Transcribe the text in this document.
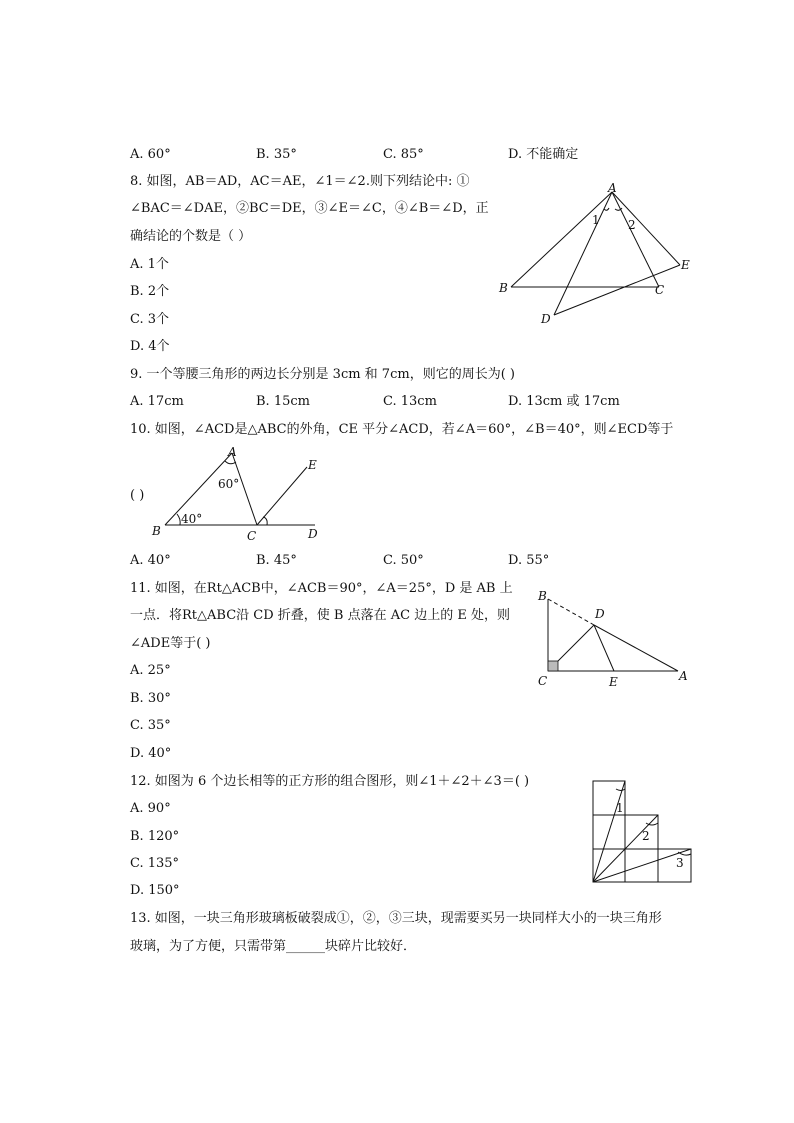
A. 60°	B. 35°	C. 85°	D. 不能确定
8. 如图，AB＝AD，AC＝AE，∠1＝∠2.则下列结论中: ①
∠BAC＝∠DAE，②BC＝DE，③∠E＝∠C，④∠B＝∠D，正
确结论的个数是（ ）
A. 1个
B. 2个
C. 3个
D. 4个
A
B	C
D
E
1 2
9. 一个等腰三角形的两边长分别是 3cm 和 7cm，则它的周长为( )
A. 17cm	B. 15cm	C. 13cm	D. 13cm 或 17cm
10. 如图，∠ACD是△ABC的外角，CE 平分∠ACD，若∠A＝60°，∠B＝40°，则∠ECD等于
( )
A
B	C	D
E
60°
40°
A. 40°	B. 45°	C. 50°	D. 55°
11. 如图，在Rt△ACB中，∠ACB＝90°，∠A＝25°，D 是 AB 上
一点．将Rt△ABC沿 CD 折叠，使 B 点落在 AC 边上的 E 处，则
∠ADE等于( )
A. 25°
B. 30°
C. 35°
D. 40°
B
D
C	E	A
12. 如图为 6 个边长相等的正方形的组合图形，则∠1＋∠2＋∠3＝( )
A. 90°
B. 120°
C. 135°
D. 150°
1
2
3
13. 如图，一块三角形玻璃板破裂成①，②，③三块，现需要买另一块同样大小的一块三角形
玻璃，为了方便，只需带第______块碎片比较好．
